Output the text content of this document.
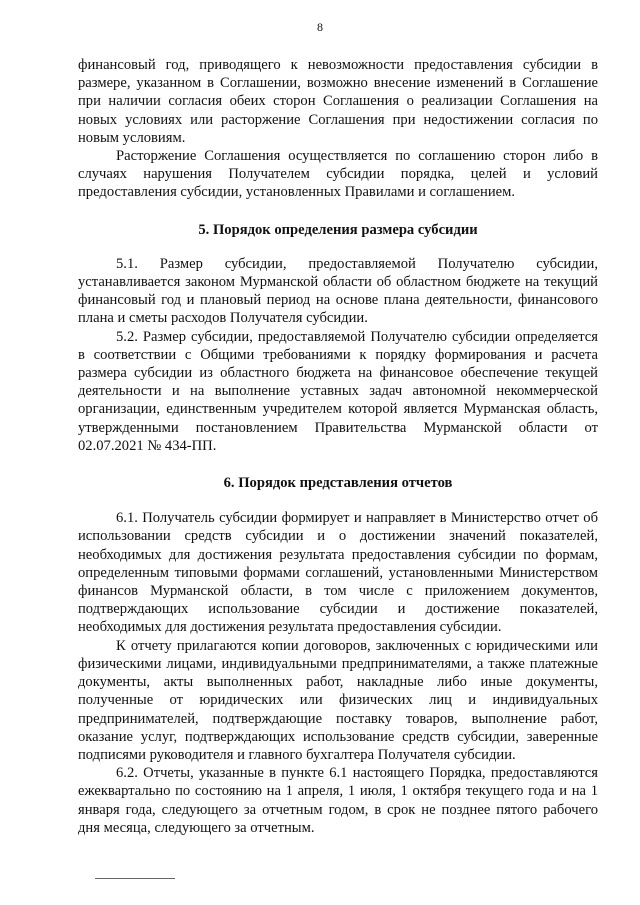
8

финансовый год, приводящего к невозможности предоставления субсидии в размере, указанном в Соглашении, возможно внесение изменений в Соглашение при наличии согласия обеих сторон Соглашения о реализации Соглашения на новых условиях или расторжение Соглашения при недостижении согласия по новым условиям.

Расторжение Соглашения осуществляется по соглашению сторон либо в случаях нарушения Получателем субсидии порядка, целей и условий предоставления субсидии, установленных Правилами и соглашением.

5. Порядок определения размера субсидии

5.1. Размер субсидии, предоставляемой Получателю субсидии, устанавливается законом Мурманской области об областном бюджете на текущий финансовый год и плановый период на основе плана деятельности, финансового плана и сметы расходов Получателя субсидии.

5.2. Размер субсидии, предоставляемой Получателю субсидии определяется в соответствии с Общими требованиями к порядку формирования и расчета размера субсидии из областного бюджета на финансовое обеспечение текущей деятельности и на выполнение уставных задач автономной некоммерческой организации, единственным учредителем которой является Мурманская область, утвержденными постановлением Правительства Мурманской области от 02.07.2021 № 434-ПП.

6. Порядок представления отчетов

6.1. Получатель субсидии формирует и направляет в Министерство отчет об использовании средств субсидии и о достижении значений показателей, необходимых для достижения результата предоставления субсидии по формам, определенным типовыми формами соглашений, установленными Министерством финансов Мурманской области, в том числе с приложением документов, подтверждающих использование субсидии и достижение показателей, необходимых для достижения результата предоставления субсидии.

К отчету прилагаются копии договоров, заключенных с юридическими или физическими лицами, индивидуальными предпринимателями, а также платежные документы, акты выполненных работ, накладные либо иные документы, полученные от юридических или физических лиц и индивидуальных предпринимателей, подтверждающие поставку товаров, выполнение работ, оказание услуг, подтверждающих использование средств субсидии, заверенные подписями руководителя и главного бухгалтера Получателя субсидии.

6.2. Отчеты, указанные в пункте 6.1 настоящего Порядка, предоставляются ежеквартально по состоянию на 1 апреля, 1 июля, 1 октября текущего года и на 1 января года, следующего за отчетным годом, в срок не позднее пятого рабочего дня месяца, следующего за отчетным.
